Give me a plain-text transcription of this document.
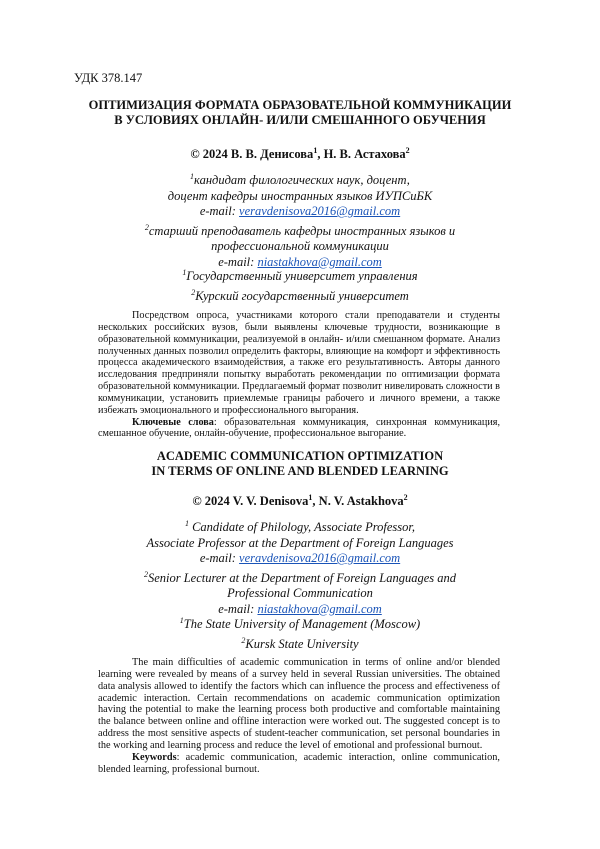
УДК 378.147
ОПТИМИЗАЦИЯ ФОРМАТА ОБРАЗОВАТЕЛЬНОЙ КОММУНИКАЦИИ
В УСЛОВИЯХ ОНЛАЙН- И/ИЛИ СМЕШАННОГО ОБУЧЕНИЯ
© 2024 В. В. Денисова$^1$, Н. В. Астахова$^2$
$^1$кандидат филологических наук, доцент,
доцент кафедры иностранных языков ИУПСиБК
e-mail: veravdenisova2016@gmail.com
$^2$старший преподаватель кафедры иностранных языков и
профессиональной коммуникации
e-mail: niastakhova@gmail.com
$^1$Государственный университет управления
$^2$Курский государственный университет

Посредством опроса, участниками которого стали преподаватели и студенты нескольких российских вузов, были выявлены ключевые трудности, возникающие в образовательной коммуникации, реализуемой в онлайн- и/или смешанном формате. Анализ полученных данных позволил определить факторы, влияющие на комфорт и эффективность процесса академического взаимодействия, а также его результативность. Авторы данного исследования предприняли попытку выработать рекомендации по оптимизации формата образовательной коммуникации. Предлагаемый формат позволит нивелировать сложности в коммуникации, установить приемлемые границы рабочего и личного времени, а также избежать эмоционального и профессионального выгорания.

Ключевые слова: образовательная коммуникация, синхронная коммуникация, смешанное обучение, онлайн-обучение, профессиональное выгорание.

ACADEMIC COMMUNICATION OPTIMIZATION
IN TERMS OF ONLINE AND BLENDED LEARNING
© 2024 V. V. Denisova$^1$, N. V. Astakhova$^2$
$^1$ Candidate of Philology, Associate Professor,
Associate Professor at the Department of Foreign Languages
e-mail: veravdenisova2016@gmail.com
$^2$Senior Lecturer at the Department of Foreign Languages and
Professional Communication
e-mail: niastakhova@gmail.com
$^1$The State University of Management (Moscow)
$^2$Kursk State University

The main difficulties of academic communication in terms of online and/or blended learning were revealed by means of a survey held in several Russian universities. The obtained data analysis allowed to identify the factors which can influence the process and effectiveness of academic interaction. Certain recommendations on academic communication optimization having the potential to make the learning process both productive and comfortable maintaining the balance between online and offline interaction were worked out. The suggested concept is to address the most sensitive aspects of student-teacher communication, set personal boundaries in the working and learning process and reduce the level of emotional and professional burnout.

Keywords: academic communication, academic interaction, online communication, blended learning, professional burnout.
